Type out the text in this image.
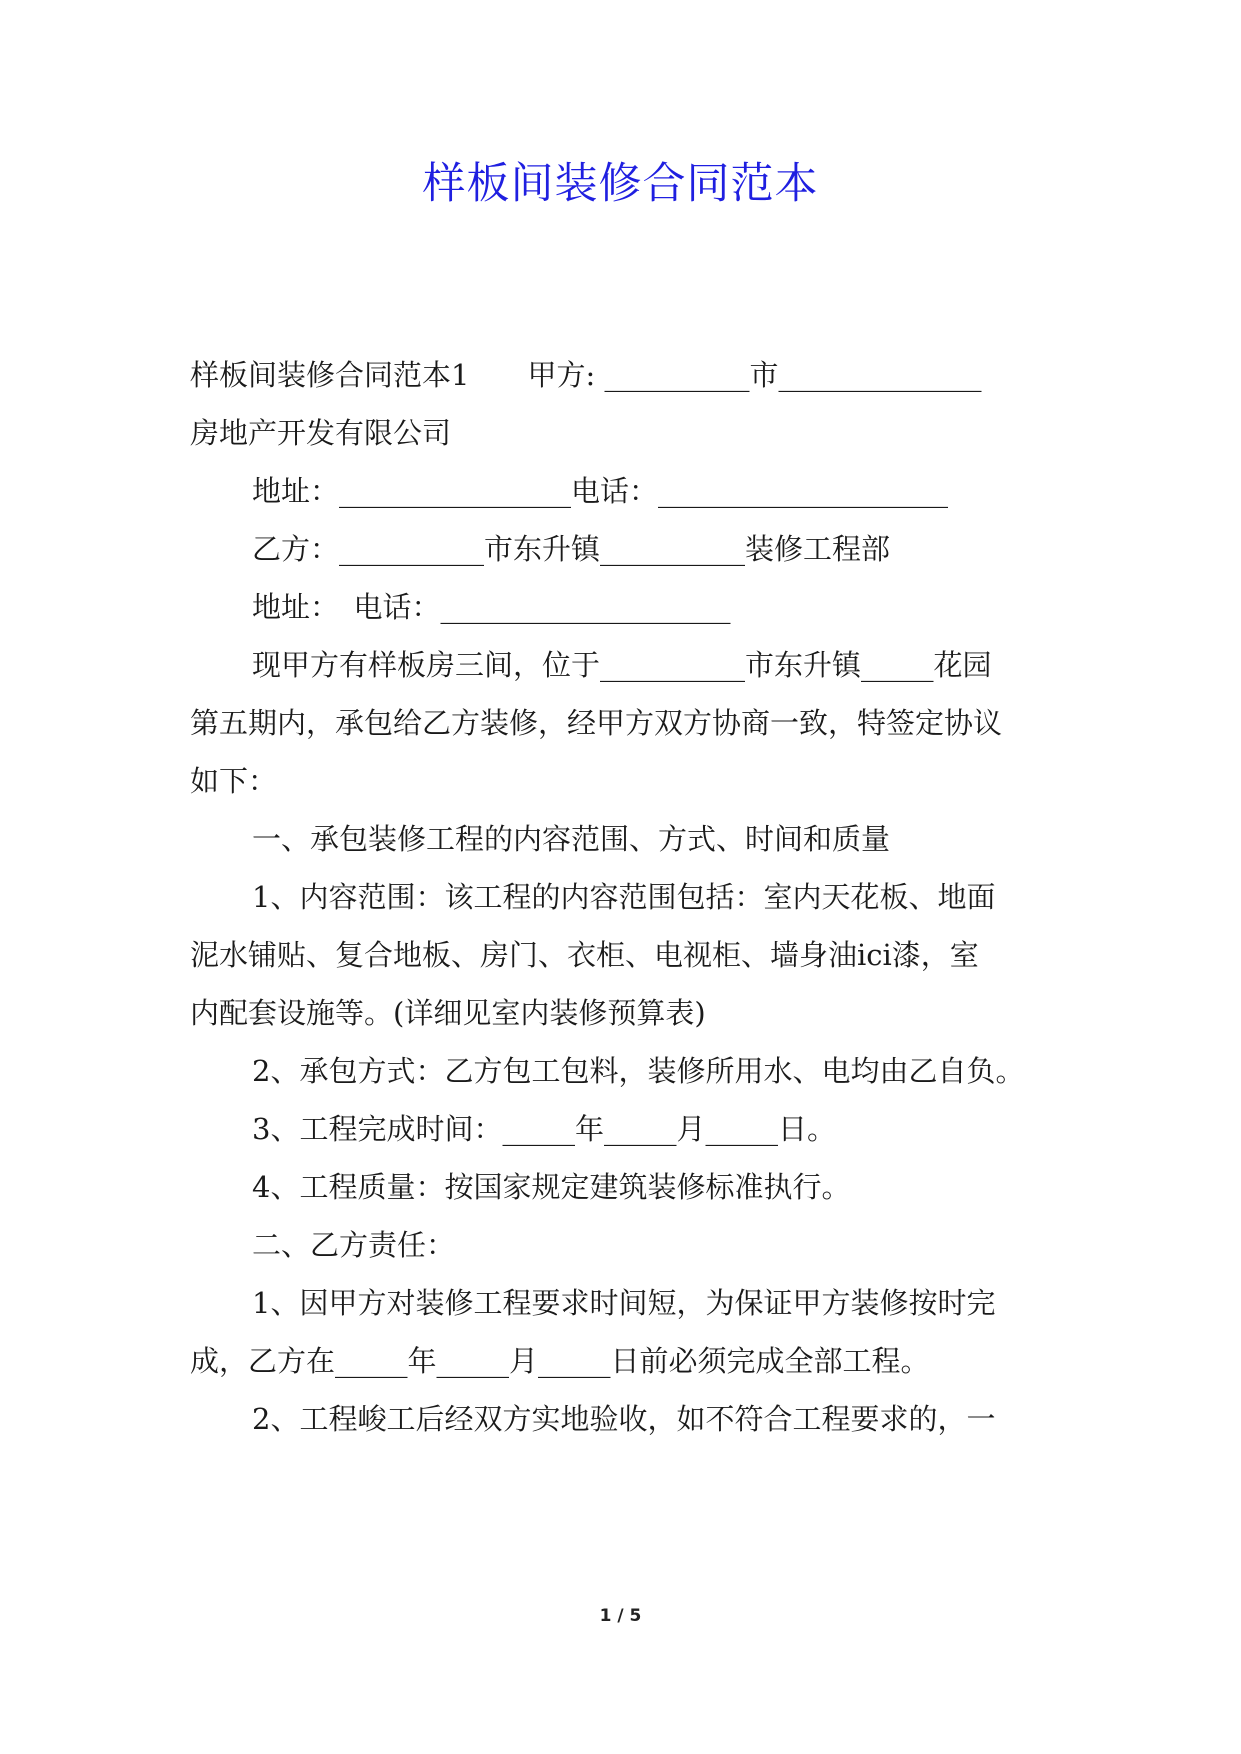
样板间装修合同范本
样板间装修合同范本1　　甲方: __________市______________
房地产开发有限公司
地址：________________电话：____________________
乙方：__________市东升镇__________装修工程部
地址：　电话：____________________
现甲方有样板房三间，位于__________市东升镇_____花园
第五期内，承包给乙方装修，经甲方双方协商一致，特签定协议
如下：
一、承包装修工程的内容范围、方式、时间和质量
1、内容范围：该工程的内容范围包括：室内天花板、地面
泥水铺贴、复合地板、房门、衣柜、电视柜、墙身油ici漆，室
内配套设施等。(详细见室内装修预算表)
2、承包方式：乙方包工包料，装修所用水、电均由乙自负。
3、工程完成时间：_____年_____月_____日。
4、工程质量：按国家规定建筑装修标准执行。
二、乙方责任：
1、因甲方对装修工程要求时间短，为保证甲方装修按时完
成，乙方在_____年_____月_____日前必须完成全部工程。
2、工程峻工后经双方实地验收，如不符合工程要求的，一
1 / 5
